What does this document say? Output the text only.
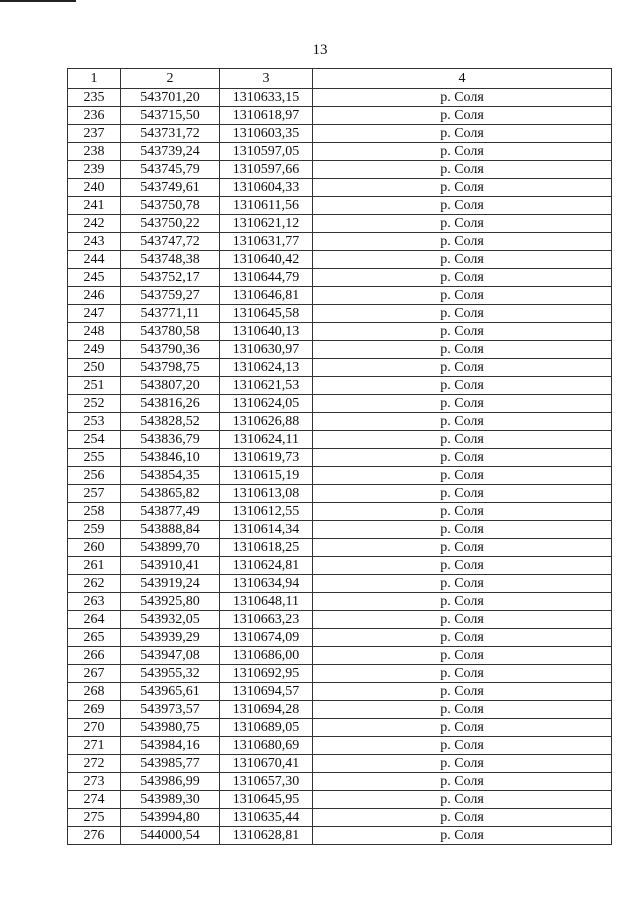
13
1	2	3	4
235	543701,20	1310633,15	р. Соля
236	543715,50	1310618,97	р. Соля
237	543731,72	1310603,35	р. Соля
238	543739,24	1310597,05	р. Соля
239	543745,79	1310597,66	р. Соля
240	543749,61	1310604,33	р. Соля
241	543750,78	1310611,56	р. Соля
242	543750,22	1310621,12	р. Соля
243	543747,72	1310631,77	р. Соля
244	543748,38	1310640,42	р. Соля
245	543752,17	1310644,79	р. Соля
246	543759,27	1310646,81	р. Соля
247	543771,11	1310645,58	р. Соля
248	543780,58	1310640,13	р. Соля
249	543790,36	1310630,97	р. Соля
250	543798,75	1310624,13	р. Соля
251	543807,20	1310621,53	р. Соля
252	543816,26	1310624,05	р. Соля
253	543828,52	1310626,88	р. Соля
254	543836,79	1310624,11	р. Соля
255	543846,10	1310619,73	р. Соля
256	543854,35	1310615,19	р. Соля
257	543865,82	1310613,08	р. Соля
258	543877,49	1310612,55	р. Соля
259	543888,84	1310614,34	р. Соля
260	543899,70	1310618,25	р. Соля
261	543910,41	1310624,81	р. Соля
262	543919,24	1310634,94	р. Соля
263	543925,80	1310648,11	р. Соля
264	543932,05	1310663,23	р. Соля
265	543939,29	1310674,09	р. Соля
266	543947,08	1310686,00	р. Соля
267	543955,32	1310692,95	р. Соля
268	543965,61	1310694,57	р. Соля
269	543973,57	1310694,28	р. Соля
270	543980,75	1310689,05	р. Соля
271	543984,16	1310680,69	р. Соля
272	543985,77	1310670,41	р. Соля
273	543986,99	1310657,30	р. Соля
274	543989,30	1310645,95	р. Соля
275	543994,80	1310635,44	р. Соля
276	544000,54	1310628,81	р. Соля
